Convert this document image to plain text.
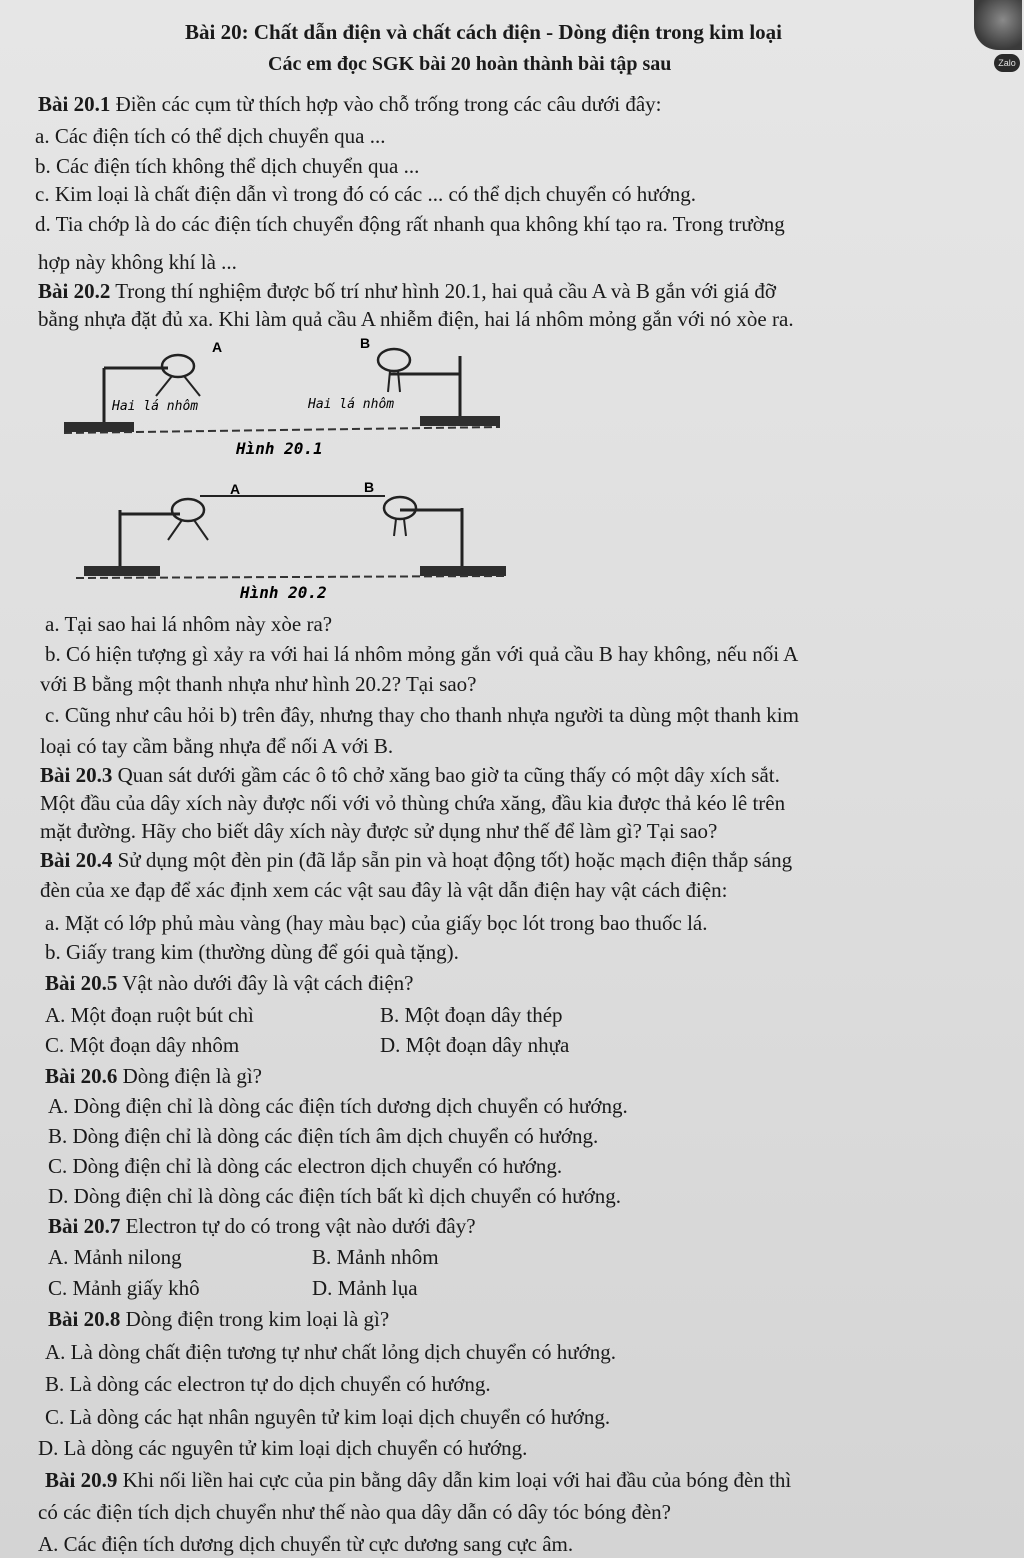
Zalo
Bài 20: Chất dẫn điện và chất cách điện - Dòng điện trong kim loại
Các em đọc SGK bài 20 hoàn thành bài tập sau
Bài 20.1 Điền các cụm từ thích hợp vào chỗ trống trong các câu dưới đây:
a. Các điện tích có thể dịch chuyển qua ...
b. Các điện tích không thể dịch chuyển qua ...
c. Kim loại là chất điện dẫn vì trong đó có các ... có thể dịch chuyển có hướng.
d. Tia chớp là do các điện tích chuyển động rất nhanh qua không khí tạo ra. Trong trường
hợp này không khí là ...
Bài 20.2 Trong thí nghiệm được bố trí như hình 20.1, hai quả cầu A và B gắn với giá đỡ
bằng nhựa đặt đủ xa. Khi làm quả cầu A nhiễm điện, hai lá nhôm mỏng gắn với nó xòe ra.
A	B
Hai lá nhôm	Hai lá nhôm
Hình 20.1
A	B
Hình 20.2
a. Tại sao hai lá nhôm này xòe ra?
b. Có hiện tượng gì xảy ra với hai lá nhôm mỏng gắn với quả cầu B hay không, nếu nối A
với B bằng một thanh nhựa như hình 20.2? Tại sao?
c. Cũng như câu hỏi b) trên đây, nhưng thay cho thanh nhựa người ta dùng một thanh kim
loại có tay cầm bằng nhựa để nối A với B.
Bài 20.3 Quan sát dưới gầm các ô tô chở xăng bao giờ ta cũng thấy có một dây xích sắt.
Một đầu của dây xích này được nối với vỏ thùng chứa xăng, đầu kia được thả kéo lê trên
mặt đường. Hãy cho biết dây xích này được sử dụng như thế để làm gì? Tại sao?
Bài 20.4 Sử dụng một đèn pin (đã lắp sẵn pin và hoạt động tốt) hoặc mạch điện thắp sáng
đèn của xe đạp để xác định xem các vật sau đây là vật dẫn điện hay vật cách điện:
a. Mặt có lớp phủ màu vàng (hay màu bạc) của giấy bọc lót trong bao thuốc lá.
b. Giấy trang kim (thường dùng để gói quà tặng).
Bài 20.5 Vật nào dưới đây là vật cách điện?
A. Một đoạn ruột bút chì	B. Một đoạn dây thép
C. Một đoạn dây nhôm	D. Một đoạn dây nhựa
Bài 20.6 Dòng điện là gì?
A. Dòng điện chỉ là dòng các điện tích dương dịch chuyển có hướng.
B. Dòng điện chỉ là dòng các điện tích âm dịch chuyển có hướng.
C. Dòng điện chỉ là dòng các electron dịch chuyển có hướng.
D. Dòng điện chỉ là dòng các điện tích bất kì dịch chuyển có hướng.
Bài 20.7 Electron tự do có trong vật nào dưới đây?
A. Mảnh nilong	B. Mảnh nhôm
C. Mảnh giấy khô	D. Mảnh lụa
Bài 20.8 Dòng điện trong kim loại là gì?
A. Là dòng chất điện tương tự như chất lỏng dịch chuyển có hướng.
B. Là dòng các electron tự do dịch chuyển có hướng.
C. Là dòng các hạt nhân nguyên tử kim loại dịch chuyển có hướng.
D. Là dòng các nguyên tử kim loại dịch chuyển có hướng.
Bài 20.9 Khi nối liền hai cực của pin bằng dây dẫn kim loại với hai đầu của bóng đèn thì
có các điện tích dịch chuyển như thế nào qua dây dẫn có dây tóc bóng đèn?
A. Các điện tích dương dịch chuyển từ cực dương sang cực âm.
